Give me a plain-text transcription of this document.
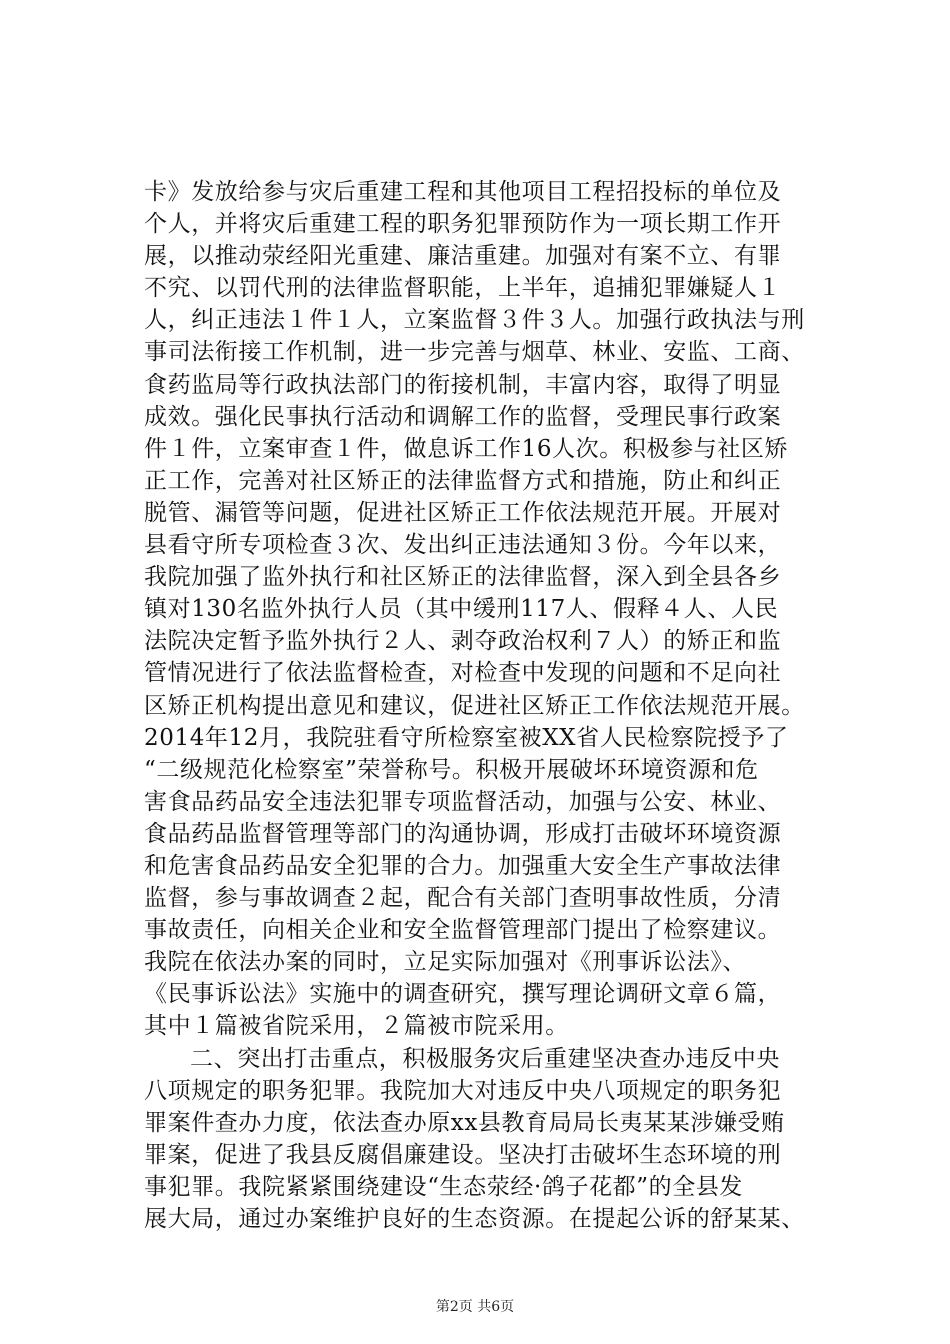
卡》发放给参与灾后重建工程和其他项目工程招投标的单位及
个人，并将灾后重建工程的职务犯罪预防作为一项长期工作开
展，以推动荥经阳光重建、廉洁重建。加强对有案不立、有罪
不究、以罚代刑的法律监督职能，上半年，追捕犯罪嫌疑人１
人，纠正违法１件１人，立案监督３件３人。加强行政执法与刑
事司法衔接工作机制，进一步完善与烟草、林业、安监、工商、
食药监局等行政执法部门的衔接机制，丰富内容，取得了明显
成效。强化民事执行活动和调解工作的监督，受理民事行政案
件１件，立案审查１件，做息诉工作16人次。积极参与社区矫
正工作，完善对社区矫正的法律监督方式和措施，防止和纠正
脱管、漏管等问题，促进社区矫正工作依法规范开展。开展对
县看守所专项检查３次、发出纠正违法通知３份。今年以来，
我院加强了监外执行和社区矫正的法律监督，深入到全县各乡
镇对130名监外执行人员（其中缓刑117人、假释４人、人民
法院决定暂予监外执行２人、剥夺政治权利７人）的矫正和监
管情况进行了依法监督检查，对检查中发现的问题和不足向社
区矫正机构提出意见和建议，促进社区矫正工作依法规范开展。
2014年12月，我院驻看守所检察室被XX省人民检察院授予了
“二级规范化检察室”荣誉称号。积极开展破坏环境资源和危
害食品药品安全违法犯罪专项监督活动，加强与公安、林业、
食品药品监督管理等部门的沟通协调，形成打击破坏环境资源
和危害食品药品安全犯罪的合力。加强重大安全生产事故法律
监督，参与事故调查２起，配合有关部门查明事故性质，分清
事故责任，向相关企业和安全监督管理部门提出了检察建议。
我院在依法办案的同时，立足实际加强对《刑事诉讼法》、
《民事诉讼法》实施中的调查研究，撰写理论调研文章６篇，
其中１篇被省院采用，２篇被市院采用。
二、突出打击重点，积极服务灾后重建坚决查办违反中央
八项规定的职务犯罪。我院加大对违反中央八项规定的职务犯
罪案件查办力度，依法查办原xx县教育局局长夷某某涉嫌受贿
罪案，促进了我县反腐倡廉建设。坚决打击破坏生态环境的刑
事犯罪。我院紧紧围绕建设“生态荥经·鸽子花都”的全县发
展大局，通过办案维护良好的生态资源。在提起公诉的舒某某、
第2页 共6页
